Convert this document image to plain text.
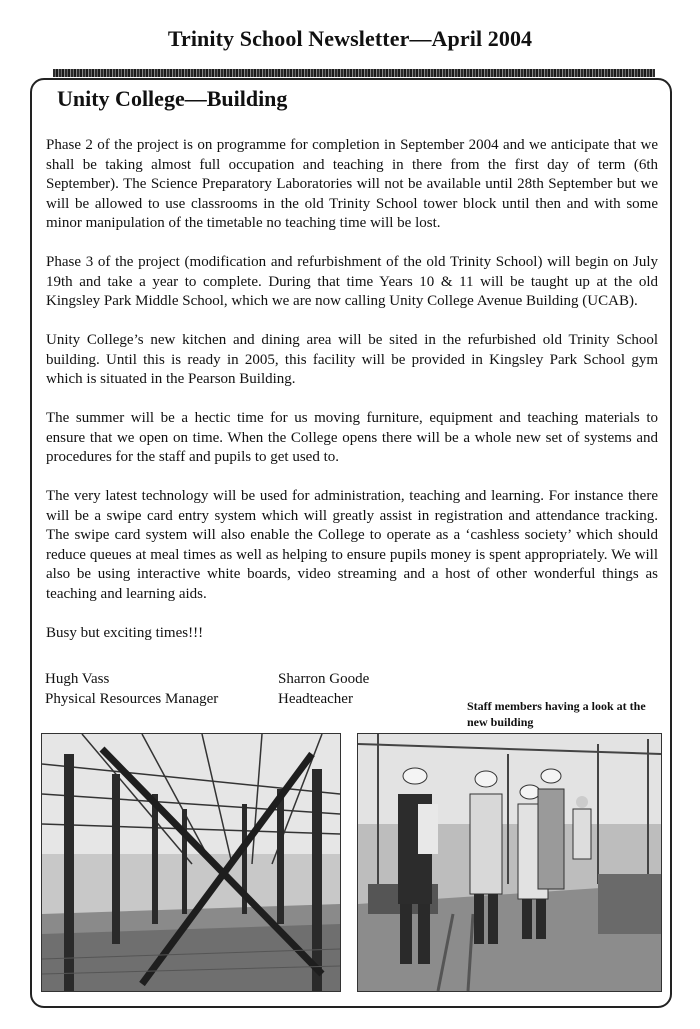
Trinity School Newsletter—April 2004
Unity College—Building

Phase 2 of the project is on programme for completion in September 2004 and we anticipate that we shall be taking almost full occupation and teaching in there from the first day of term (6th September). The Science Preparatory Laboratories will not be available until 28th September but we will be allowed to use classrooms in the old Trinity School tower block until then and with some minor manipulation of the timetable no teaching time will be lost.

Phase 3 of the project (modification and refurbishment of the old Trinity School) will begin on July 19th and take a year to complete. During that time Years 10 & 11 will be taught up at the old Kingsley Park Middle School, which we are now calling Unity College Avenue Building (UCAB).

Unity College’s new kitchen and dining area will be sited in the refurbished old Trinity School building. Until this is ready in 2005, this facility will be provided in Kingsley Park School gym which is situated in the Pearson Building.

The summer will be a hectic time for us moving furniture, equipment and teaching materials to ensure that we open on time. When the College opens there will be a whole new set of systems and procedures for the staff and pupils to get used to.

The very latest technology will be used for administration, teaching and learning. For instance there will be a swipe card entry system which will greatly assist in registration and attendance tracking. The swipe card system will also enable the College to operate as a ‘cashless society’ which should reduce queues at meal times as well as helping to ensure pupils money is spent appropriately. We will also be using interactive white boards, video streaming and a host of other wonderful things as teaching and learning aids.

Busy but exciting times!!!

Hugh Vass
Physical Resources Manager
Sharron Goode
Headteacher	Staff members having a look at the new building
